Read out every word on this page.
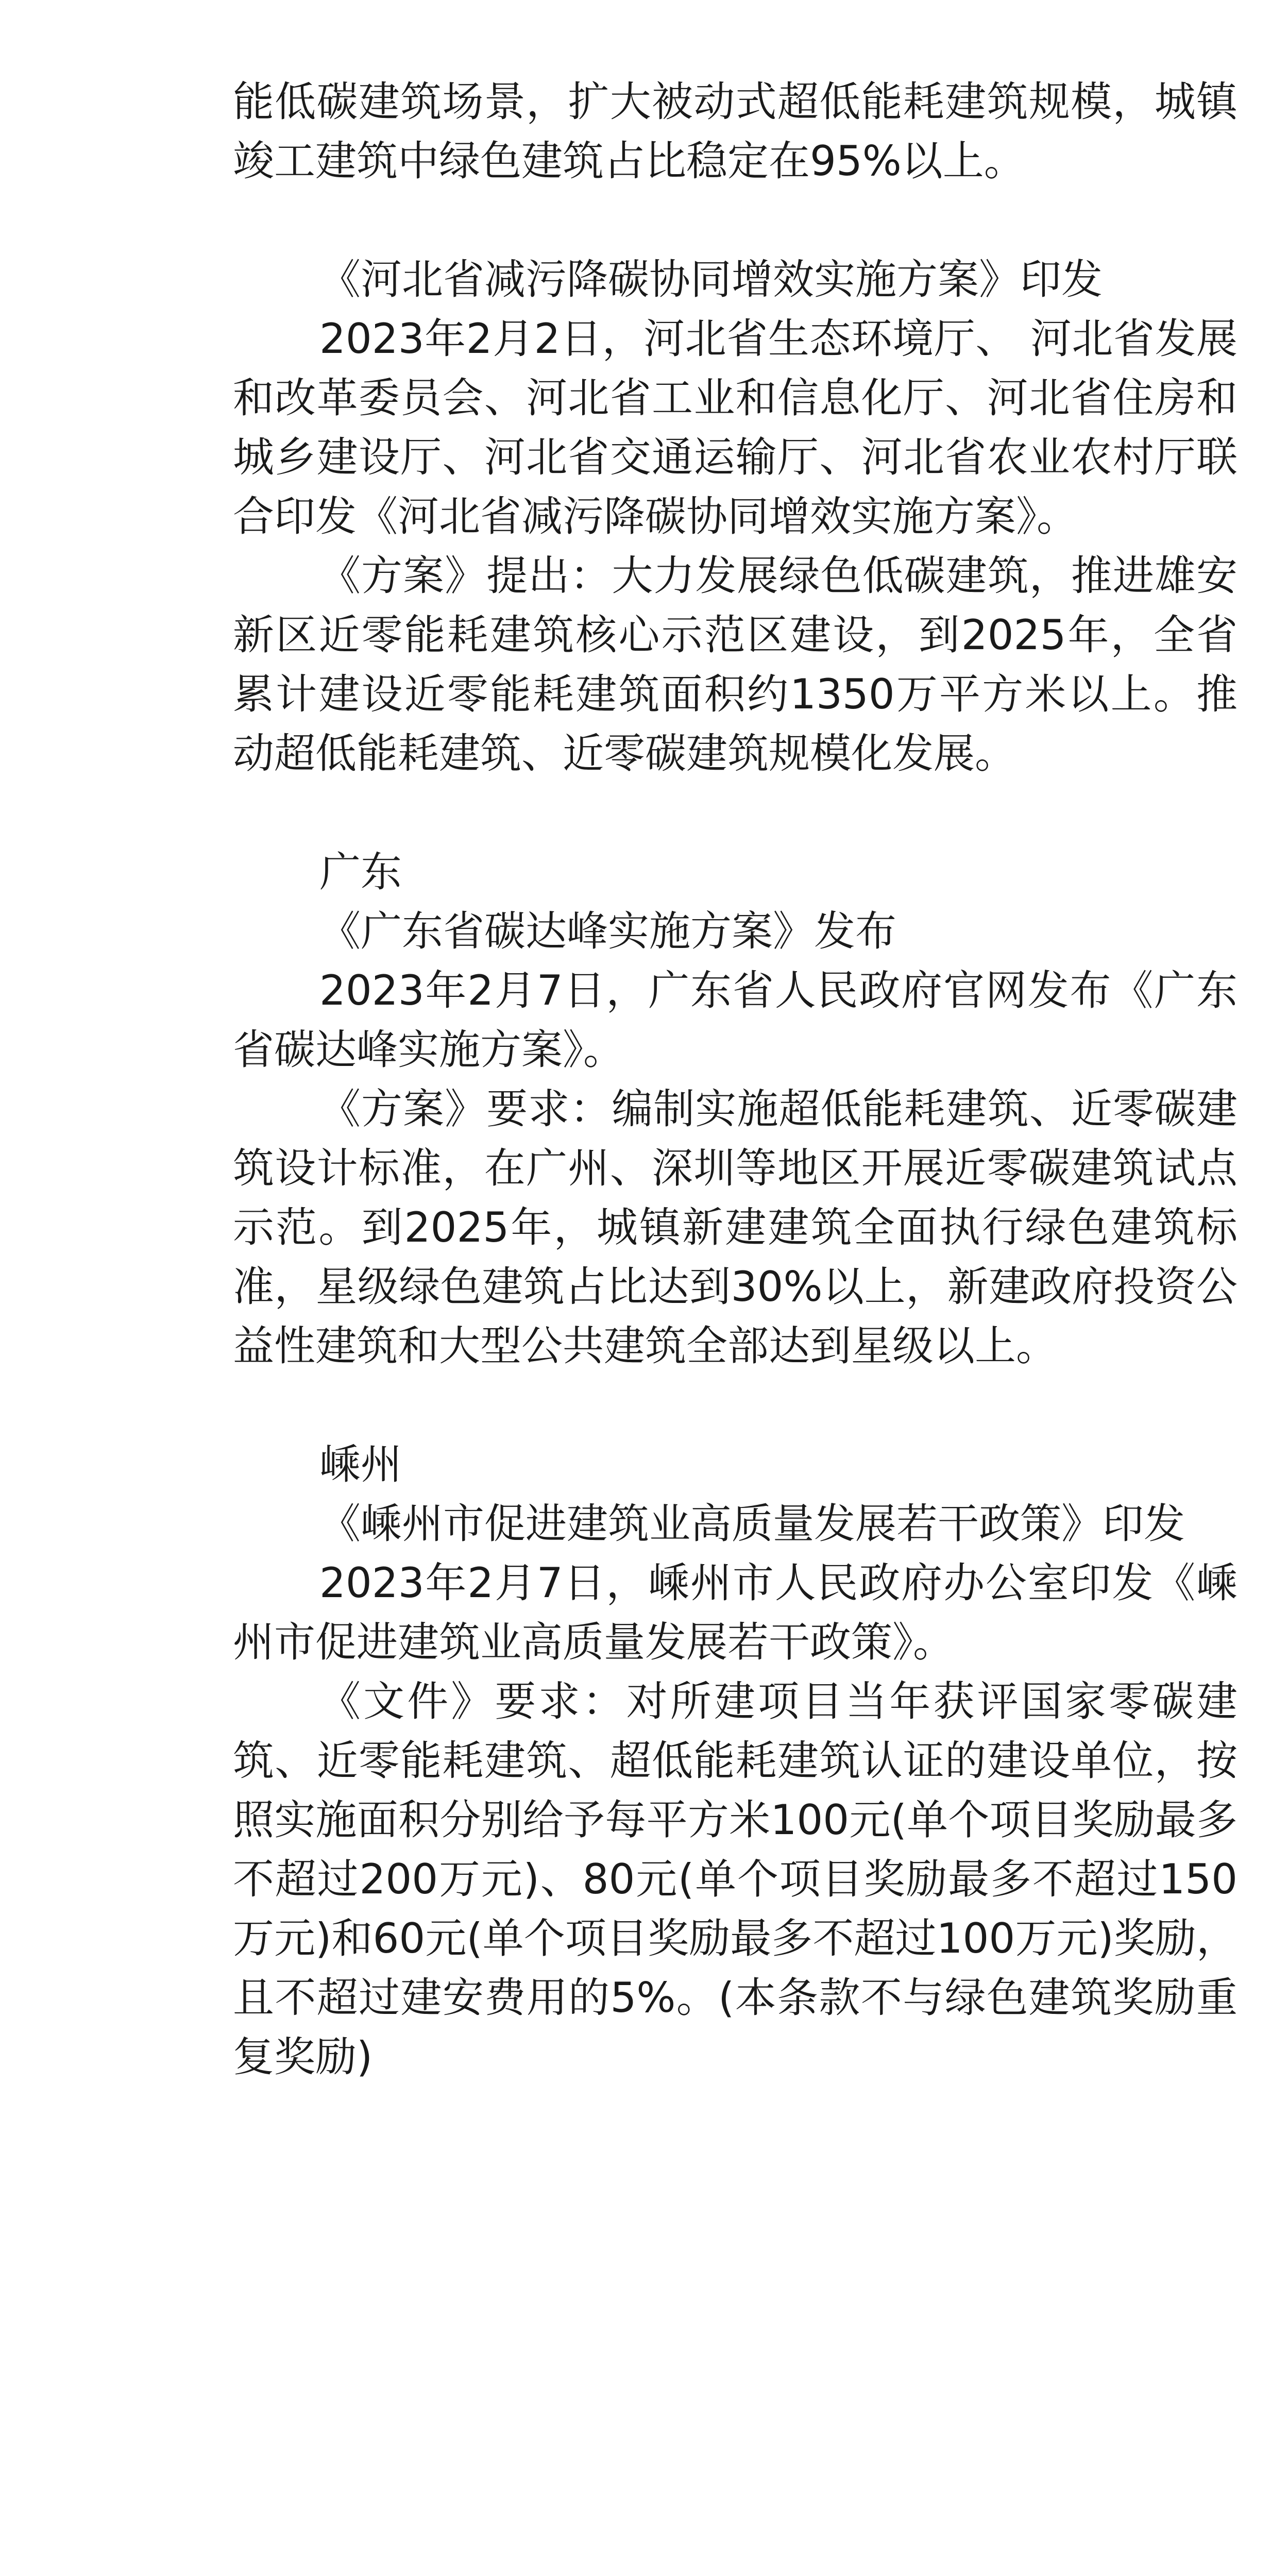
能低碳建筑场景，扩大被动式超低能耗建筑规模，城镇竣工建筑中绿色建筑占比稳定在95%以上。

《河北省减污降碳协同增效实施方案》印发

2023年2月2日，河北省生态环境厅、 河北省发展和改革委员会、河北省工业和信息化厅、河北省住房和城乡建设厅、河北省交通运输厅、河北省农业农村厅联合印发《河北省减污降碳协同增效实施方案》。

《方案》提出：大力发展绿色低碳建筑，推进雄安新区近零能耗建筑核心示范区建设，到2025年，全省累计建设近零能耗建筑面积约1350万平方米以上。推动超低能耗建筑、近零碳建筑规模化发展。

广东

《广东省碳达峰实施方案》发布

2023年2月7日，广东省人民政府官网发布《广东省碳达峰实施方案》。

《方案》要求：编制实施超低能耗建筑、近零碳建筑设计标准，在广州、深圳等地区开展近零碳建筑试点示范。到2025年，城镇新建建筑全面执行绿色建筑标准，星级绿色建筑占比达到30%以上，新建政府投资公益性建筑和大型公共建筑全部达到星级以上。

嵊州

《嵊州市促进建筑业高质量发展若干政策》印发

2023年2月7日，嵊州市人民政府办公室印发《嵊州市促进建筑业高质量发展若干政策》。

《文件》要求：对所建项目当年获评国家零碳建筑、近零能耗建筑、超低能耗建筑认证的建设单位，按照实施面积分别给予每平方米100元(单个项目奖励最多不超过200万元)、80元(单个项目奖励最多不超过150万元)和60元(单个项目奖励最多不超过100万元)奖励，且不超过建安费用的5%。(本条款不与绿色建筑奖励重复奖励)
